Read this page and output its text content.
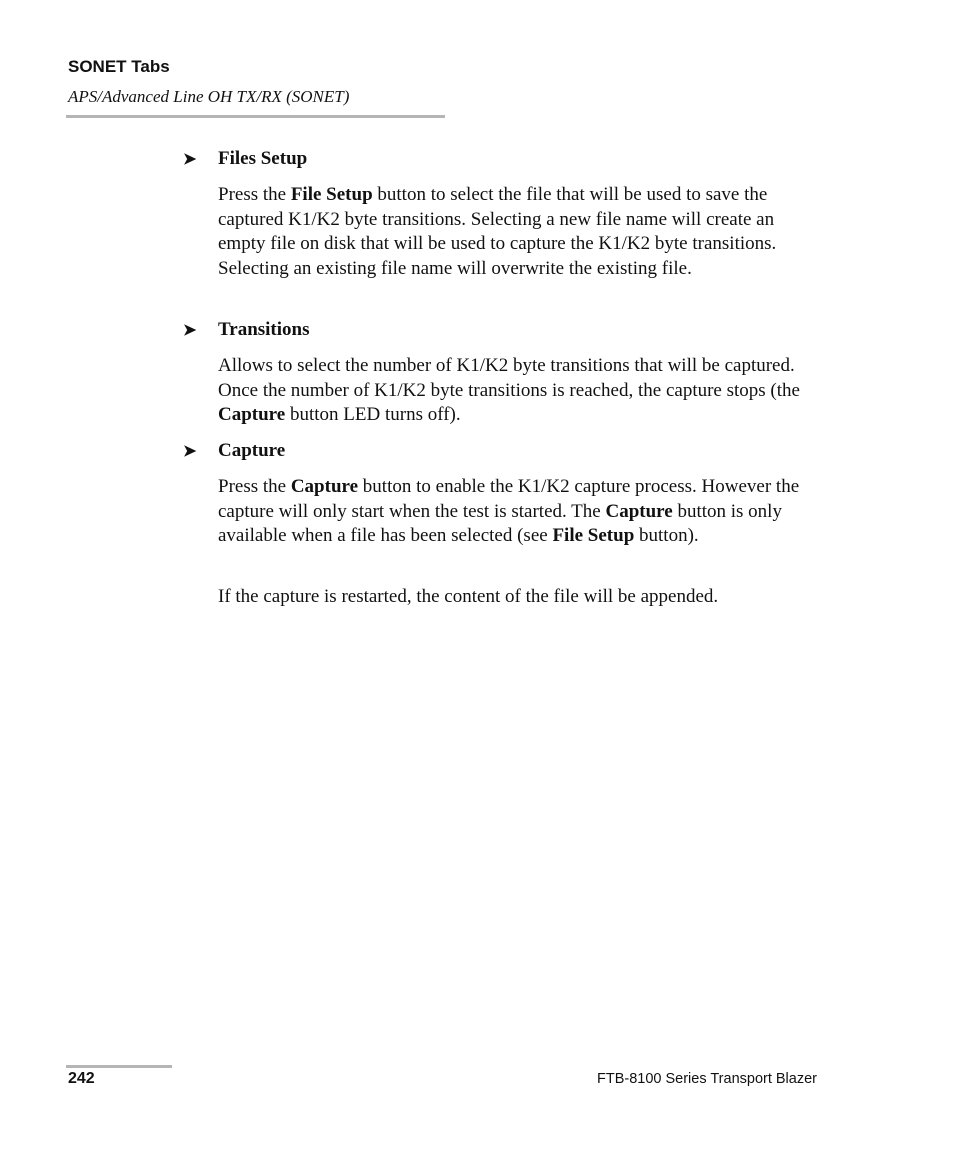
SONET Tabs
APS/Advanced Line OH TX/RX (SONET)
➤ Files Setup

Press the File Setup button to select the file that will be used to save the captured K1/K2 byte transitions. Selecting a new file name will create an empty file on disk that will be used to capture the K1/K2 byte transitions. Selecting an existing file name will overwrite the existing file.

➤ Transitions

Allows to select the number of K1/K2 byte transitions that will be captured. Once the number of K1/K2 byte transitions is reached, the capture stops (the Capture button LED turns off).

➤ Capture

Press the Capture button to enable the K1/K2 capture process. However the capture will only start when the test is started. The Capture button is only available when a file has been selected (see File Setup button).

If the capture is restarted, the content of the file will be appended.

242	FTB-8100 Series Transport Blazer
